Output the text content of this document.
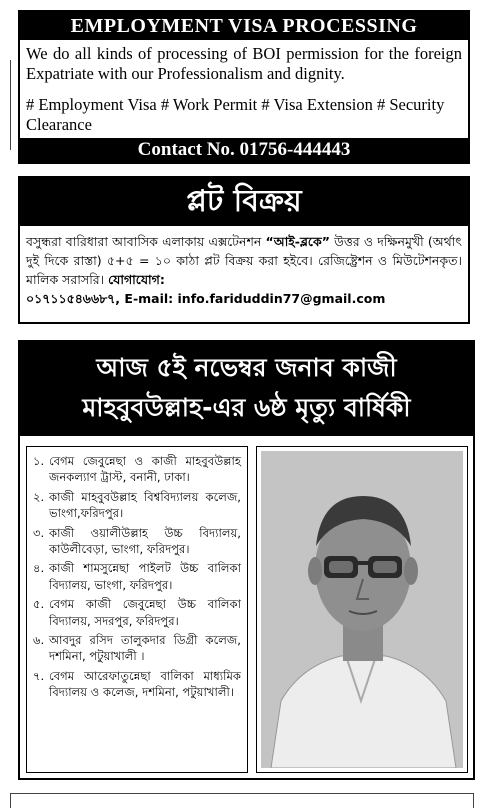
EMPLOYMENT VISA PROCESSING
We do all kinds of processing of BOI permission for the foreign Expatriate with our Professionalism and dignity.
# Employment Visa # Work Permit # Visa Extension # Security Clearance
Contact No. 01756-444443
প্লট বিক্রয়
বসুন্ধরা বারিধারা আবাসিক এলাকায় এক্সটেনশন “আই-ব্লকে” উত্তর ও দক্ষিনমুখী (অর্থাৎ দুই দিকে রাস্তা) ৫+৫ = ১০ কাঠা প্লট বিক্রয় করা হইবে। রেজিষ্ট্রেশন ও মিউটেশনকৃত। মালিক সরাসরি। যোগাযোগ:
০১৭১১৫৪৬৬৮৭, E-mail: info.fariduddin77@gmail.com
আজ ৫ই নভেম্বর জনাব কাজী
মাহবুবউল্লাহ-এর ৬ষ্ঠ মৃত্যু বার্ষিকী
১. বেগম জেবুন্নেছা ও কাজী মাহবুবউল্লাহ জনকল্যাণ ট্রাস্ট, বনানী, ঢাকা।
২. কাজী মাহবুবউল্লাহ বিশ্ববিদ্যালয় কলেজ, ভাংগা,ফরিদপুর।
৩. কাজী ওয়ালীউল্লাহ উচ্চ বিদ্যালয়, কাউলীবেড়া, ভাংগা, ফরিদপুর।
৪. কাজী শামসুন্নেছা পাইলট উচ্চ বালিকা বিদ্যালয়, ভাংগা, ফরিদপুর।
৫. বেগম কাজী জেবুন্নেছা উচ্চ বালিকা বিদ্যালয়, সদরপুর, ফরিদপুর।
৬. আবদুর রসিদ তালুকদার ডিগ্রী কলেজ, দশমিনা, পটুয়াখালী ।
৭. বেগম আরেফাতুন্নেছা বালিকা মাধ্যমিক বিদ্যালয় ও কলেজ, দশমিনা, পটুয়াখালী।
